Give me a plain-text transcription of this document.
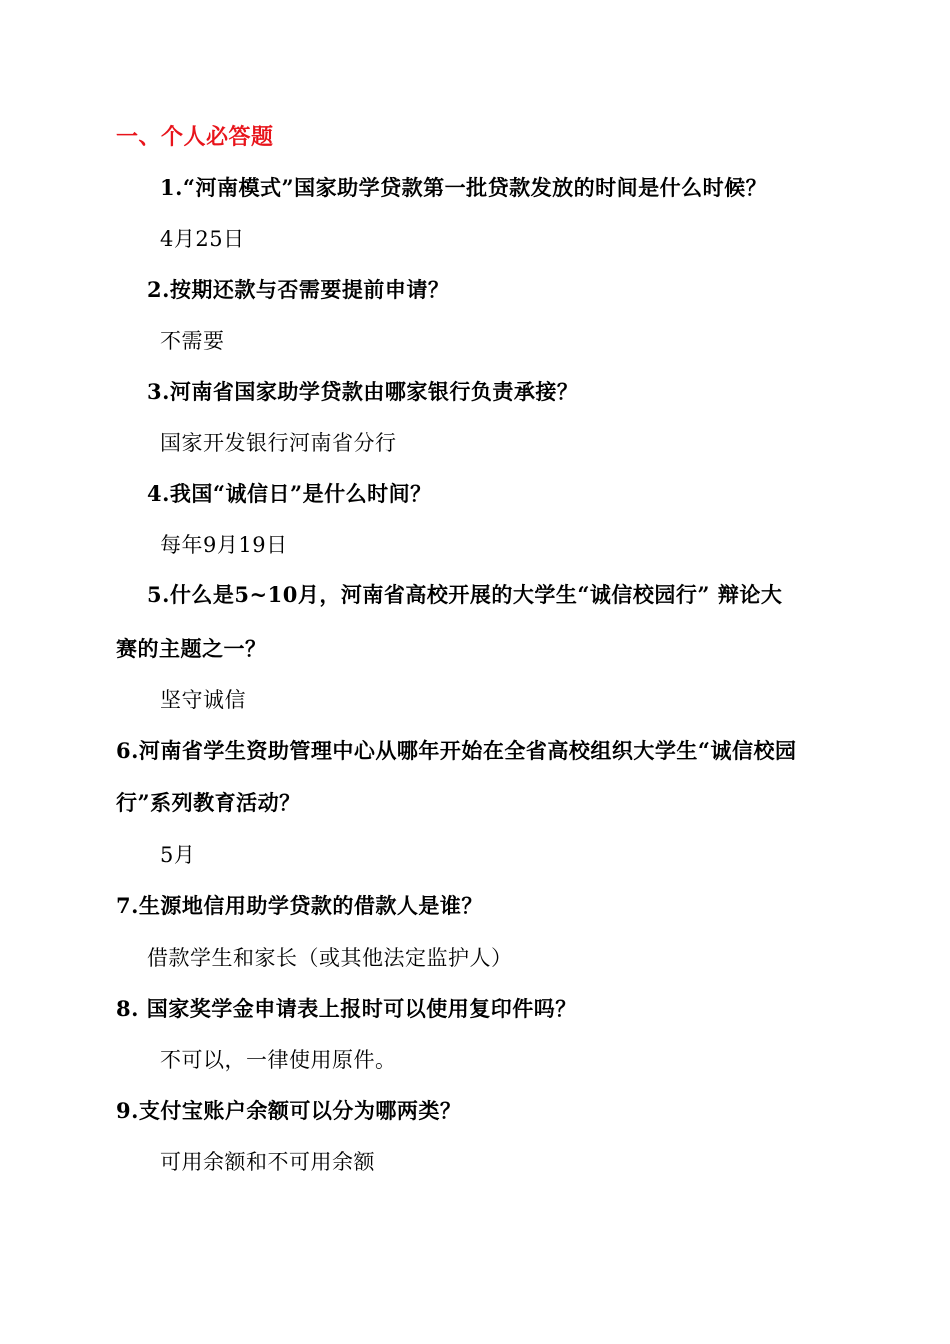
一、个人必答题
1.“河南模式”国家助学贷款第一批贷款发放的时间是什么时候？
4月25日
2.按期还款与否需要提前申请？
不需要
3.河南省国家助学贷款由哪家银行负责承接？
国家开发银行河南省分行
4.我国“诚信日”是什么时间？
每年9月19日
5.什么是5~10月，河南省高校开展的大学生“诚信校园行” 辩论大
赛的主题之一？
坚守诚信
6.河南省学生资助管理中心从哪年开始在全省高校组织大学生“诚信校园
行”系列教育活动？
5月
7.生源地信用助学贷款的借款人是谁？
借款学生和家长（或其他法定监护人）
8. 国家奖学金申请表上报时可以使用复印件吗？
不可以，一律使用原件。
9.支付宝账户余额可以分为哪两类？
可用余额和不可用余额
